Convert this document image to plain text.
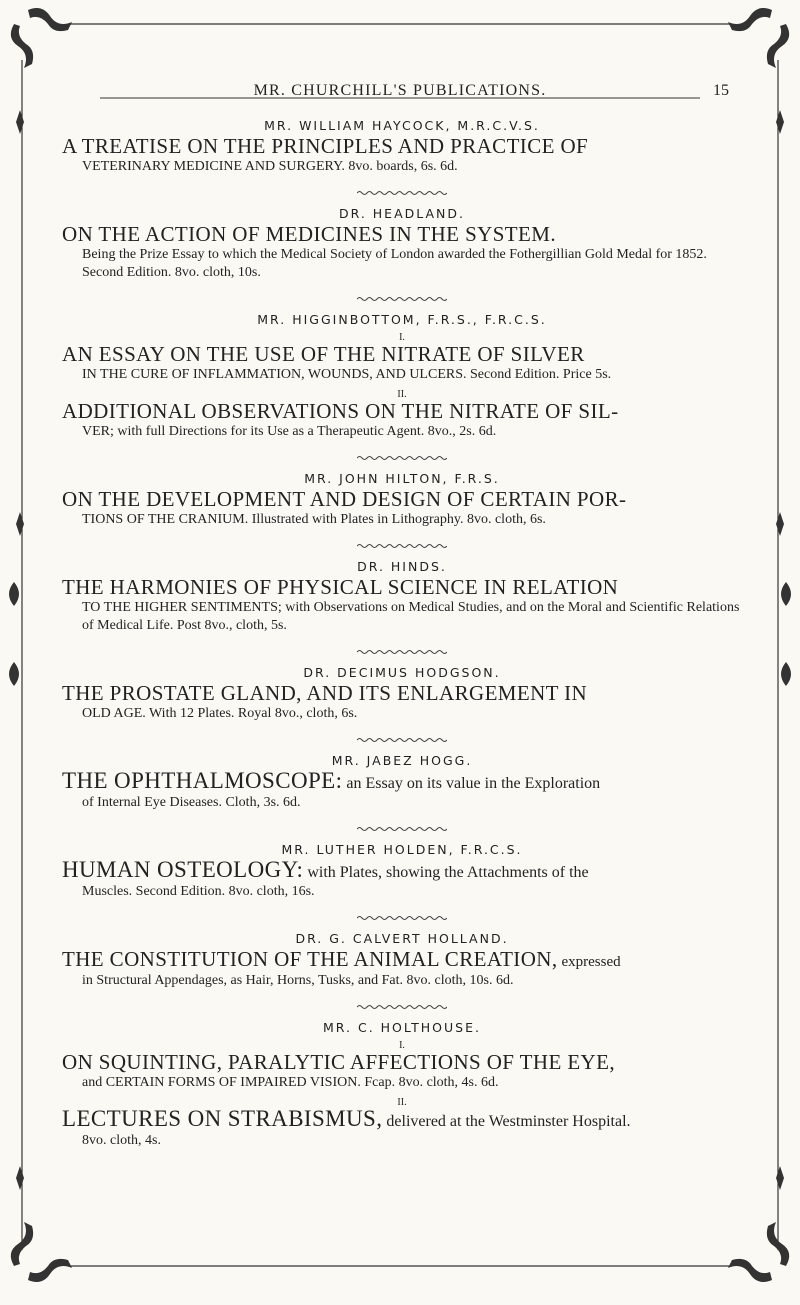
MR. CHURCHILL'S PUBLICATIONS.	15
MR. WILLIAM HAYCOCK, M.R.C.V.S.
A TREATISE ON THE PRINCIPLES AND PRACTICE OF
VETERINARY MEDICINE AND SURGERY. 8vo. boards, 6s. 6d.
DR. HEADLAND.
ON THE ACTION OF MEDICINES IN THE SYSTEM.
Being the Prize Essay to which the Medical Society of London awarded the Fothergillian Gold Medal for 1852. Second Edition. 8vo. cloth, 10s.
MR. HIGGINBOTTOM, F.R.S., F.R.C.S.
I.
AN ESSAY ON THE USE OF THE NITRATE OF SILVER
IN THE CURE OF INFLAMMATION, WOUNDS, AND ULCERS. Second Edition. Price 5s.
II.
ADDITIONAL OBSERVATIONS ON THE NITRATE OF SIL-
VER; with full Directions for its Use as a Therapeutic Agent. 8vo., 2s. 6d.
MR. JOHN HILTON, F.R.S.
ON THE DEVELOPMENT AND DESIGN OF CERTAIN POR-
TIONS OF THE CRANIUM. Illustrated with Plates in Lithography. 8vo. cloth, 6s.
DR. HINDS.
THE HARMONIES OF PHYSICAL SCIENCE IN RELATION
TO THE HIGHER SENTIMENTS; with Observations on Medical Studies, and on the Moral and Scientific Relations of Medical Life. Post 8vo., cloth, 5s.
DR. DECIMUS HODGSON.
THE PROSTATE GLAND, AND ITS ENLARGEMENT IN
OLD AGE. With 12 Plates. Royal 8vo., cloth, 6s.
MR. JABEZ HOGG.
THE OPHTHALMOSCOPE: an Essay on its value in the Exploration
of Internal Eye Diseases. Cloth, 3s. 6d.
MR. LUTHER HOLDEN, F.R.C.S.
HUMAN OSTEOLOGY: with Plates, showing the Attachments of the
Muscles. Second Edition. 8vo. cloth, 16s.
DR. G. CALVERT HOLLAND.
THE CONSTITUTION OF THE ANIMAL CREATION, expressed
in Structural Appendages, as Hair, Horns, Tusks, and Fat. 8vo. cloth, 10s. 6d.
MR. C. HOLTHOUSE.
I.
ON SQUINTING, PARALYTIC AFFECTIONS OF THE EYE,
and CERTAIN FORMS OF IMPAIRED VISION. Fcap. 8vo. cloth, 4s. 6d.
II.
LECTURES ON STRABISMUS, delivered at the Westminster Hospital.
8vo. cloth, 4s.
